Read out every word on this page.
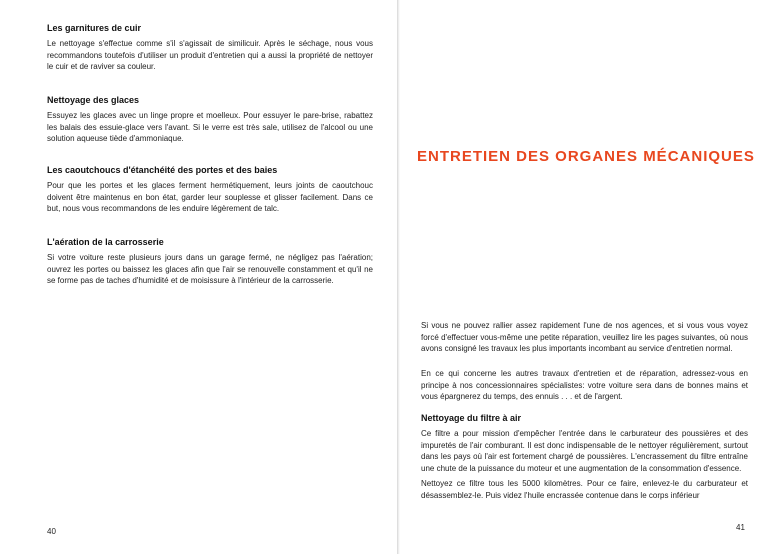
Les garnitures de cuir

Le nettoyage s'effectue comme s'il s'agissait de similicuir. Après le séchage, nous vous recommandons toutefois d'utiliser un produit d'entretien qui a aussi la propriété de nettoyer le cuir et de raviver sa couleur.

Nettoyage des glaces

Essuyez les glaces avec un linge propre et moelleux. Pour essuyer le pare-brise, rabattez les balais des essuie-glace vers l'avant. Si le verre est très sale, utilisez de l'alcool ou une solution aqueuse tiède d'ammoniaque.

Les caoutchoucs d'étanchéité des portes et des baies

Pour que les portes et les glaces ferment hermétiquement, leurs joints de caoutchouc doivent être maintenus en bon état, garder leur souplesse et glisser facilement. Dans ce but, nous vous recommandons de les enduire légèrement de talc.

L'aération de la carrosserie

Si votre voiture reste plusieurs jours dans un garage fermé, ne négligez pas l'aération; ouvrez les portes ou baissez les glaces afin que l'air se renouvelle constamment et qu'il ne se forme pas de taches d'humidité et de moisissure à l'intérieur de la carrosserie.

40
ENTRETIEN DES ORGANES MÉCANIQUES

Si vous ne pouvez rallier assez rapidement l'une de nos agences, et si vous vous voyez forcé d'effectuer vous-même une petite réparation, veuillez lire les pages suivantes, où nous avons consigné les travaux les plus importants incombant au service d'entretien normal.

En ce qui concerne les autres travaux d'entretien et de réparation, adressez-vous en principe à nos concessionnaires spécialistes: votre voiture sera dans de bonnes mains et vous épargnerez du temps, des ennuis . . . et de l'argent.

Nettoyage du filtre à air

Ce filtre a pour mission d'empêcher l'entrée dans le carburateur des poussières et des impuretés de l'air comburant. Il est donc indispensable de le nettoyer régulièrement, surtout dans les pays où l'air est fortement chargé de poussières. L'encrassement du filtre entraîne une chute de la puissance du moteur et une augmentation de la consommation d'essence.

Nettoyez ce filtre tous les 5000 kilomètres. Pour ce faire, enlevez-le du carburateur et désassemblez-le. Puis videz l'huile encrassée contenue dans le corps inférieur

41
